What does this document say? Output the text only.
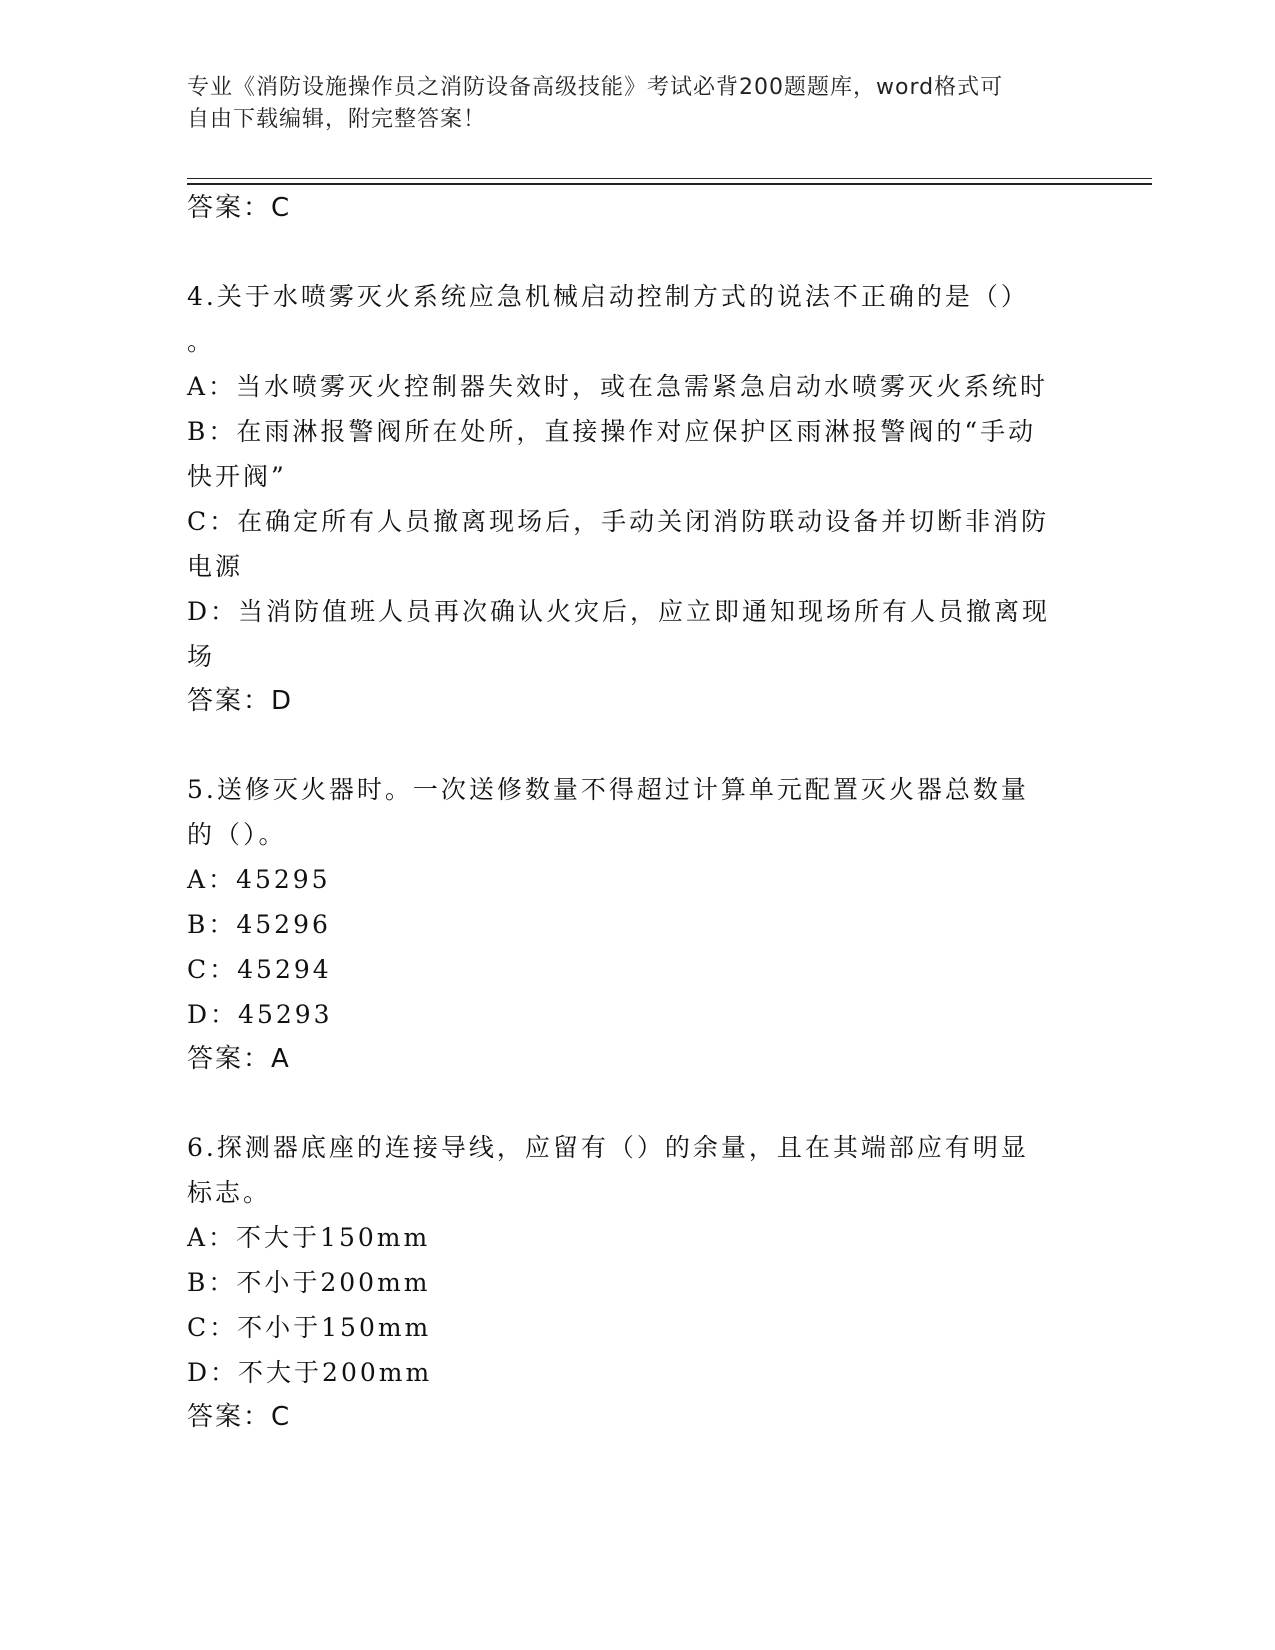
专业《消防设施操作员之消防设备高级技能》考试必背200题题库，word格式可
自由下载编辑，附完整答案！
答案：C
4.关于水喷雾灭火系统应急机械启动控制方式的说法不正确的是（）
。
A：当水喷雾灭火控制器失效时，或在急需紧急启动水喷雾灭火系统时
B：在雨淋报警阀所在处所，直接操作对应保护区雨淋报警阀的“手动
快开阀”
C：在确定所有人员撤离现场后，手动关闭消防联动设备并切断非消防
电源
D：当消防值班人员再次确认火灾后，应立即通知现场所有人员撤离现
场
答案：D
5.送修灭火器时。一次送修数量不得超过计算单元配置灭火器总数量
的（）。
A：45295
B：45296
C：45294
D：45293
答案：A
6.探测器底座的连接导线，应留有（）的余量，且在其端部应有明显
标志。
A：不大于150mm
B：不小于200mm
C：不小于150mm
D：不大于200mm
答案：C
